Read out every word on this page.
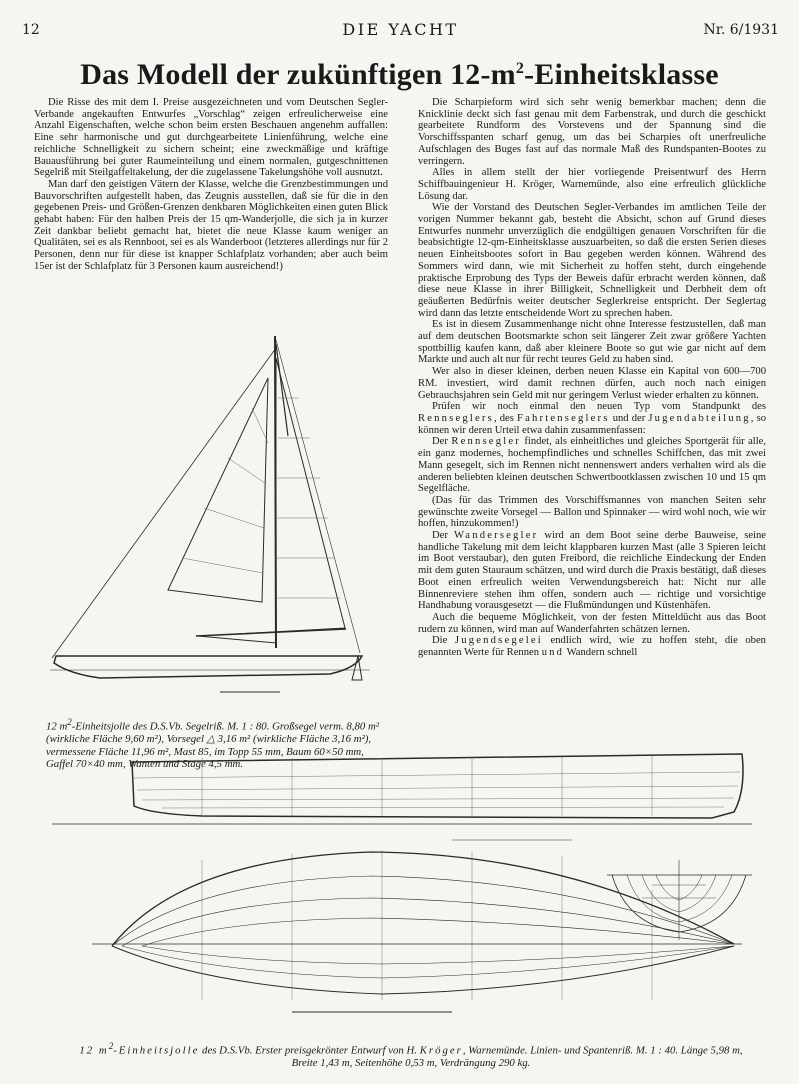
12	DIE YACHT	Nr. 6/1931
Das Modell der zukünftigen $12-m^2$-Einheitsklasse

Die Risse des mit dem I. Preise ausgezeichneten und vom Deutschen Segler-Verbande angekauften Entwurfes „Vorschlag“ zeigen erfreulicherweise eine Anzahl Eigenschaften, welche schon beim ersten Beschauen angenehm auffallen: Eine sehr harmonische und gut durchgearbeitete Linienführung, welche eine reichliche Schnelligkeit zu sichern scheint; eine zweckmäßige und kräftige Bauausführung bei guter Raumeinteilung und einem normalen, gutgeschnittenen Segelriß mit Steilgaffeltakelung, der die zugelassene Takelungshöhe voll ausnutzt.

Man darf den geistigen Vätern der Klasse, welche die Grenzbestimmungen und Bauvorschriften aufgestellt haben, das Zeugnis ausstellen, daß sie für die in den gegebenen Preis- und Größen-Grenzen denkbaren Möglichkeiten einen guten Blick gehabt haben: Für den halben Preis der 15 qm-Wanderjolle, die sich ja in kurzer Zeit dankbar beliebt gemacht hat, bietet die neue Klasse kaum weniger an Qualitäten, sei es als Rennboot, sei es als Wanderboot (letzteres allerdings nur für 2 Personen, denn nur für diese ist knapper Schlafplatz vorhanden; aber auch beim 15er ist der Schlafplatz für 3 Personen kaum ausreichend!)

Die Scharpieform wird sich sehr wenig bemerkbar machen; denn die Knicklinie deckt sich fast genau mit dem Farbenstrak, und durch die geschickt gearbeitete Rundform des Vorstevens und der Spannung sind die Vorschiffsspanten scharf genug, um das bei Scharpies oft unerfreuliche Aufschlagen des Buges fast auf das normale Maß des Rundspanten-Bootes zu verringern.

Alles in allem stellt der hier vorliegende Preisentwurf des Herrn Schiffbauingenieur H. Kröger, Warnemünde, also eine erfreulich glückliche Lösung dar.

Wie der Vorstand des Deutschen Segler-Verbandes im amtlichen Teile der vorigen Nummer bekannt gab, besteht die Absicht, schon auf Grund dieses Entwurfes nunmehr unverzüglich die endgültigen genauen Vorschriften für die beabsichtigte 12-qm-Einheitsklasse auszuarbeiten, so daß die ersten Serien dieses neuen Einheitsbootes sofort in Bau gegeben werden können. Während des Sommers wird dann, wie mit Sicherheit zu hoffen steht, durch eingehende praktische Erprobung des Typs der Beweis dafür erbracht werden können, daß diese neue Klasse in ihrer Billigkeit, Schnelligkeit und Derbheit dem oft geäußerten Bedürfnis weiter deutscher Seglerkreise entspricht. Der Seglertag wird dann das letzte entscheidende Wort zu sprechen haben.

Es ist in diesem Zusammenhange nicht ohne Interesse festzustellen, daß man auf dem deutschen Bootsmarkte schon seit längerer Zeit zwar größere Yachten spottbillig kaufen kann, daß aber kleinere Boote so gut wie gar nicht auf dem Markte und auch alt nur für recht teures Geld zu haben sind.

Wer also in dieser kleinen, derben neuen Klasse ein Kapital von 600—700 RM. investiert, wird damit rechnen dürfen, auch noch nach einigen Gebrauchsjahren sein Geld mit nur geringem Verlust wieder erhalten zu können.

Prüfen wir noch einmal den neuen Typ vom Standpunkt des Rennseglers, des Fahrtenseglers und der Jugendabteilung, so können wir deren Urteil etwa dahin zusammenfassen:

Der Rennsegler findet, als einheitliches und gleiches Sportgerät für alle, ein ganz modernes, hochempfindliches und schnelles Schiffchen, das mit zwei Mann gesegelt, sich im Rennen nicht nennenswert anders verhalten wird als die anderen beliebten kleinen deutschen Schwertbootklassen zwischen 10 und 15 qm Segelfläche.

(Das für das Trimmen des Vorschiffsmannes von manchen Seiten sehr gewünschte zweite Vorsegel — Ballon und Spinnaker — wird wohl noch, wie wir hoffen, hinzukommen!)

Der Wandersegler wird an dem Boot seine derbe Bauweise, seine handliche Takelung mit dem leicht klappbaren kurzen Mast (alle 3 Spieren leicht im Boot verstaubar), den guten Freibord, die reichliche Eindeckung der Enden mit dem guten Stauraum schätzen, und wird durch die Praxis bestätigt, daß dieses Boot einen erfreulich weiten Verwendungsbereich hat: Nicht nur alle Binnenreviere stehen ihm offen, sondern auch — richtige und vorsichtige Handhabung vorausgesetzt — die Flußmündungen und Küstenhäfen.

Auch die bequeme Möglichkeit, von der festen Mitteldücht aus das Boot rudern zu können, wird man auf Wanderfahrten schätzen lernen.

Die Jugendsegelei endlich wird, wie zu hoffen steht, die oben genannten Werte für Rennen und Wandern schnell

12 $m^2$-Einheitsjolle des D.S.Vb. Segelriß. M. 1 : 80. Großsegel verm. 8,80 m² (wirkliche Fläche 9,60 m²), Vorsegel △ 3,16 m² (wirkliche Fläche 3,16 m²), vermessene Fläche 11,96 m², Mast 85, im Topp 55 mm, Baum 60×50 mm, Gaffel 70×40 mm, Wanten und Stage 4,5 mm.
12 $m^2$-Einheitsjolle des D.S.Vb. Erster preisgekrönter Entwurf von H. Kröger, Warnemünde. Linien- und Spantenriß. M. 1 : 40. Länge 5,98 m, Breite 1,43 m, Seitenhöhe 0,53 m, Verdrängung 290 kg.
